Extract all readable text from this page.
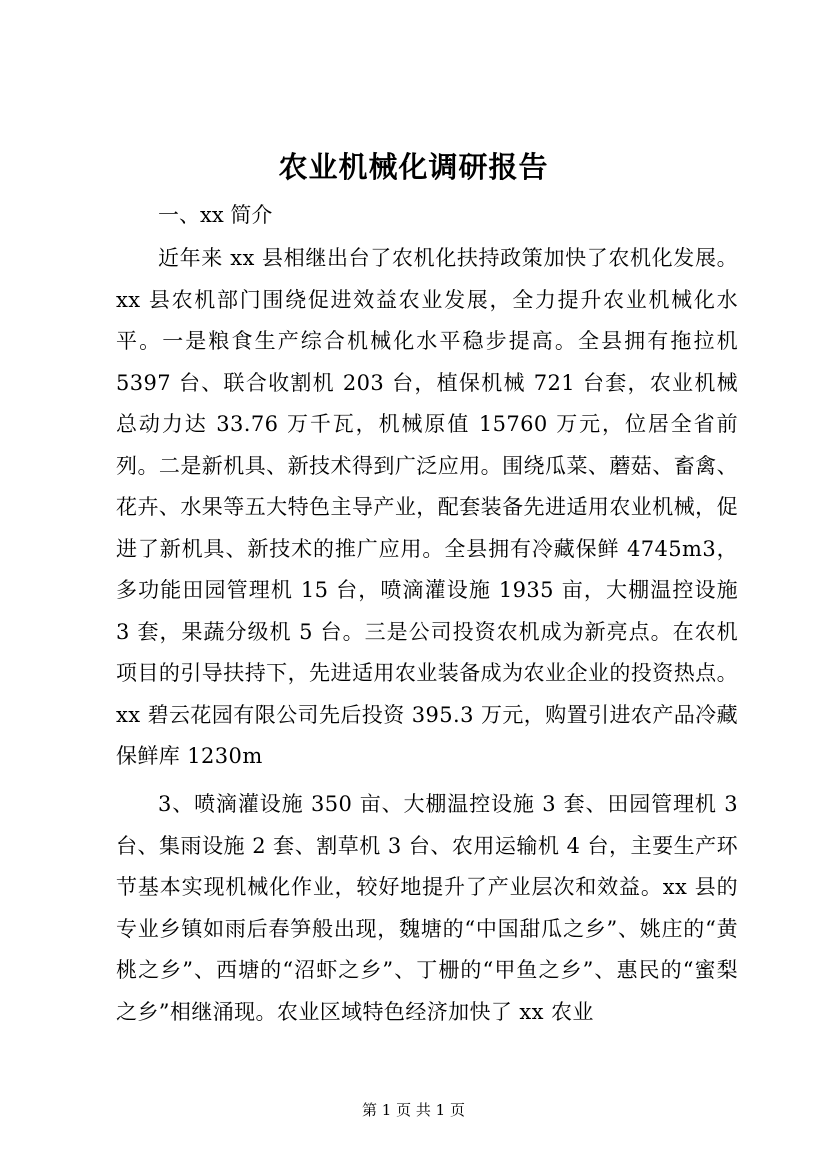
农业机械化调研报告

一、xx 简介

近年来 xx 县相继出台了农机化扶持政策加快了农机化发展。xx 县农机部门围绕促进效益农业发展，全力提升农业机械化水平。一是粮食生产综合机械化水平稳步提高。全县拥有拖拉机 5397 台、联合收割机 203 台，植保机械 721 台套，农业机械总动力达 33.76 万千瓦，机械原值 15760 万元，位居全省前列。二是新机具、新技术得到广泛应用。围绕瓜菜、蘑菇、畜禽、花卉、水果等五大特色主导产业，配套装备先进适用农业机械，促进了新机具、新技术的推广应用。全县拥有冷藏保鲜 4745m3，多功能田园管理机 15 台，喷滴灌设施 1935 亩，大棚温控设施 3 套，果蔬分级机 5 台。三是公司投资农机成为新亮点。在农机项目的引导扶持下，先进适用农业装备成为农业企业的投资热点。xx 碧云花园有限公司先后投资 395.3 万元，购置引进农产品冷藏保鲜库 1230m

3、喷滴灌设施 350 亩、大棚温控设施 3 套、田园管理机 3 台、集雨设施 2 套、割草机 3 台、农用运输机 4 台，主要生产环节基本实现机械化作业，较好地提升了产业层次和效益。xx 县的专业乡镇如雨后春笋般出现，魏塘的“中国甜瓜之乡”、姚庄的“黄桃之乡”、西塘的“沼虾之乡”、丁栅的“甲鱼之乡”、惠民的“蜜梨之乡”相继涌现。农业区域特色经济加快了 xx 农业

第 1 页 共 1 页
